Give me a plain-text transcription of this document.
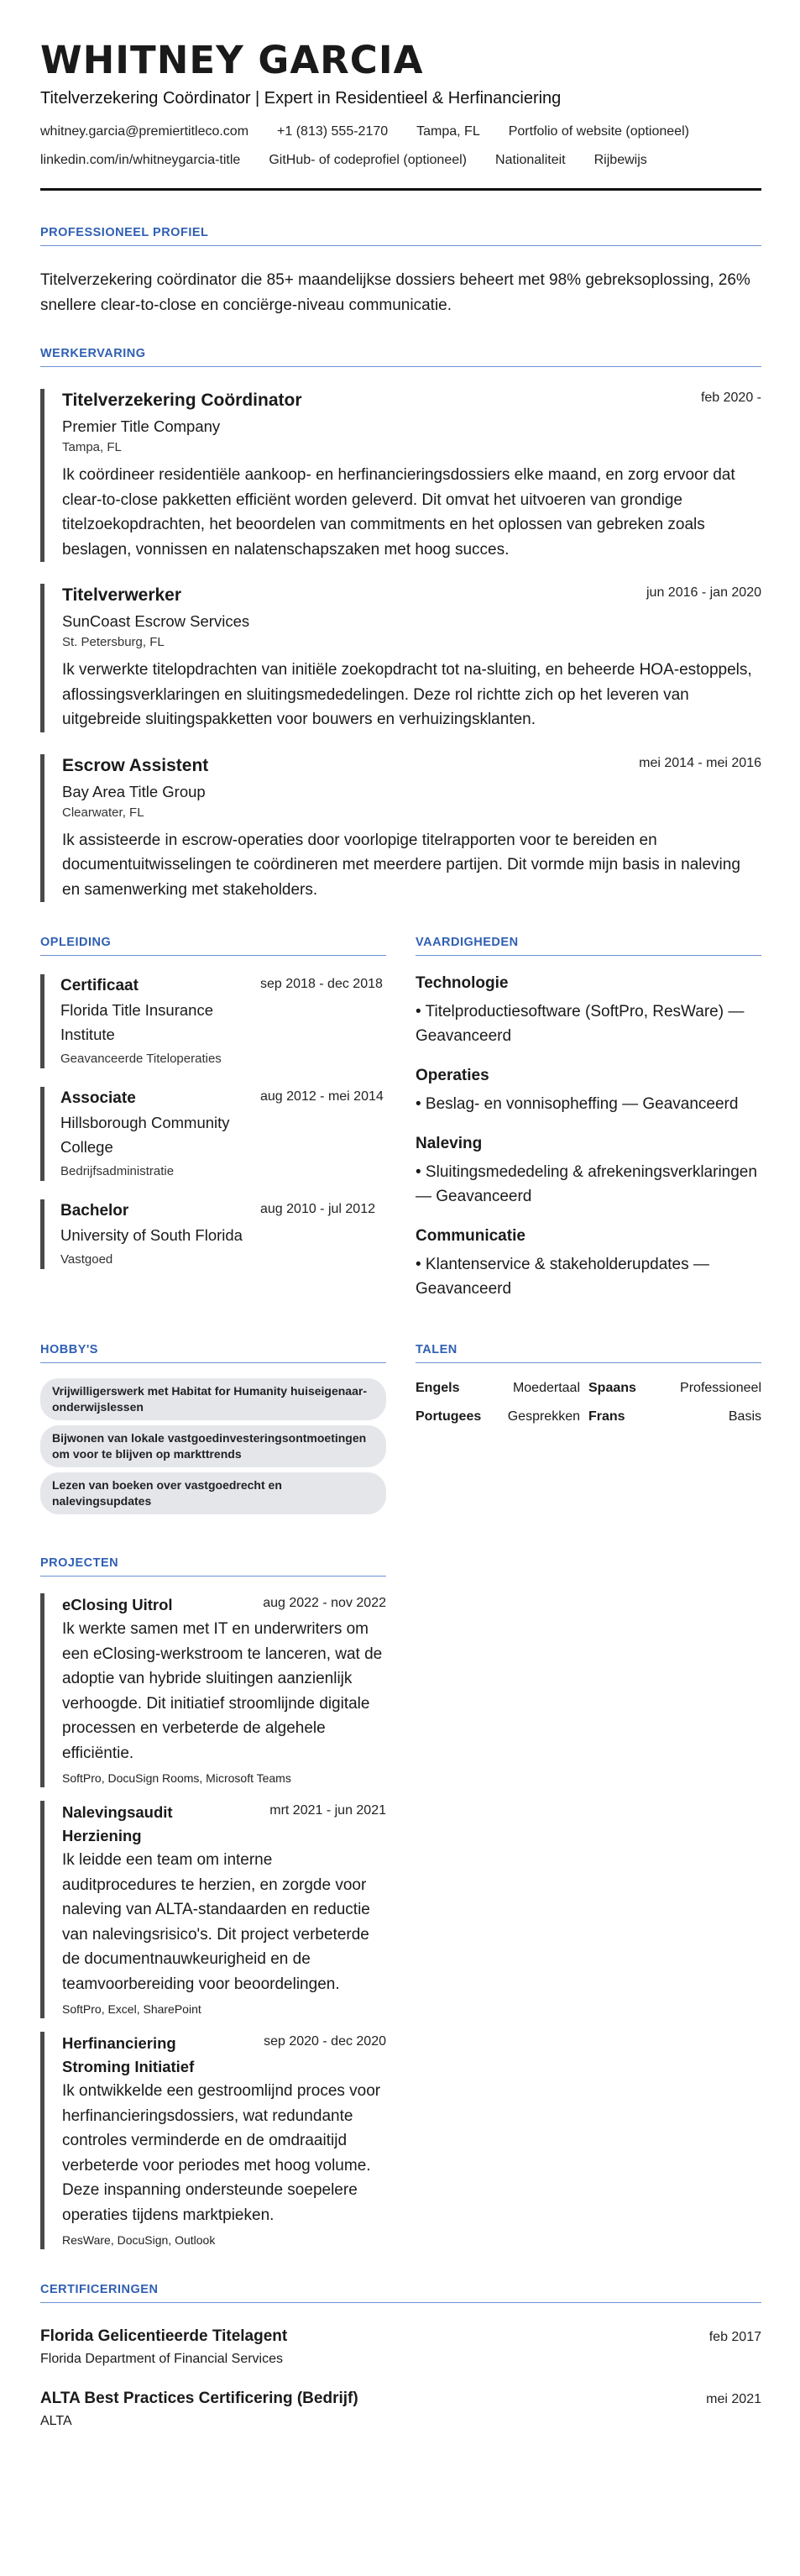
WHITNEY GARCIA
Titelverzekering Coördinator | Expert in Residentieel & Herfinanciering
whitney.garcia@premiertitleco.com +1 (813) 555-2170 Tampa, FL Portfolio of website (optioneel)
linkedin.com/in/whitneygarcia-title GitHub- of codeprofiel (optioneel) Nationaliteit Rijbewijs
PROFESSIONEEL PROFIEL

Titelverzekering coördinator die 85+ maandelijkse dossiers beheert met 98% gebreksoplossing, 26% snellere clear-to-close en conciërge-niveau communicatie.

WERKERVARING
Titelverzekering Coördinator	feb 2020 -
Premier Title Company
Tampa, FL
Ik coördineer residentiële aankoop- en herfinancieringsdossiers elke maand, en zorg ervoor dat clear-to-close pakketten efficiënt worden geleverd. Dit omvat het uitvoeren van grondige titelzoekopdrachten, het beoordelen van commitments en het oplossen van gebreken zoals beslagen, vonnissen en nalatenschapszaken met hoog succes.
Titelverwerker	jun 2016 - jan 2020
SunCoast Escrow Services
St. Petersburg, FL
Ik verwerkte titelopdrachten van initiële zoekopdracht tot na-sluiting, en beheerde HOA-estoppels, aflossingsverklaringen en sluitingsmededelingen. Deze rol richtte zich op het leveren van uitgebreide sluitingspakketten voor bouwers en verhuizingsklanten.
Escrow Assistent	mei 2014 - mei 2016
Bay Area Title Group
Clearwater, FL
Ik assisteerde in escrow-operaties door voorlopige titelrapporten voor te bereiden en documentuitwisselingen te coördineren met meerdere partijen. Dit vormde mijn basis in naleving en samenwerking met stakeholders.
OPLEIDING
Certificaat
Florida Title Insurance Institute
sep 2018 - dec 2018
Geavanceerde Titeloperaties
Associate
Hillsborough Community College
aug 2012 - mei 2014
Bedrijfsadministratie
Bachelor
University of South Florida
aug 2010 - jul 2012
Vastgoed
VAARDIGHEDEN
Technologie
• Titelproductiesoftware (SoftPro, ResWare) — Geavanceerd
Operaties
• Beslag- en vonnisopheffing — Geavanceerd
Naleving
• Sluitingsmededeling & afrekeningsverklaringen — Geavanceerd
Communicatie
• Klantenservice & stakeholderupdates — Geavanceerd
HOBBY'S
Vrijwilligerswerk met Habitat for Humanity huiseigenaar-onderwijslessen
Bijwonen van lokale vastgoedinvesteringsontmoetingen om voor te blijven op markttrends
Lezen van boeken over vastgoedrecht en nalevingsupdates
TALEN
Engels	Moedertaal Spaans	Professioneel
Portugees	Gesprekken Frans	Basis
PROJECTEN
eClosing Uitrol	aug 2022 - nov 2022
Ik werkte samen met IT en underwriters om een eClosing-werkstroom te lanceren, wat de adoptie van hybride sluitingen aanzienlijk verhoogde. Dit initiatief stroomlijnde digitale processen en verbeterde de algehele efficiëntie.
SoftPro, DocuSign Rooms, Microsoft Teams
Nalevingsaudit Herziening
mrt 2021 - jun 2021
Ik leidde een team om interne auditprocedures te herzien, en zorgde voor naleving van ALTA-standaarden en reductie van nalevingsrisico's. Dit project verbeterde de documentnauwkeurigheid en de teamvoorbereiding voor beoordelingen.
SoftPro, Excel, SharePoint
Herfinanciering Stroming Initiatief
sep 2020 - dec 2020
Ik ontwikkelde een gestroomlijnd proces voor herfinancieringsdossiers, wat redundante controles verminderde en de omdraaitijd verbeterde voor periodes met hoog volume. Deze inspanning ondersteunde soepelere operaties tijdens marktpieken.
ResWare, DocuSign, Outlook
CERTIFICERINGEN
Florida Gelicentieerde Titelagent	feb 2017
Florida Department of Financial Services
ALTA Best Practices Certificering (Bedrijf)	mei 2021
ALTA
